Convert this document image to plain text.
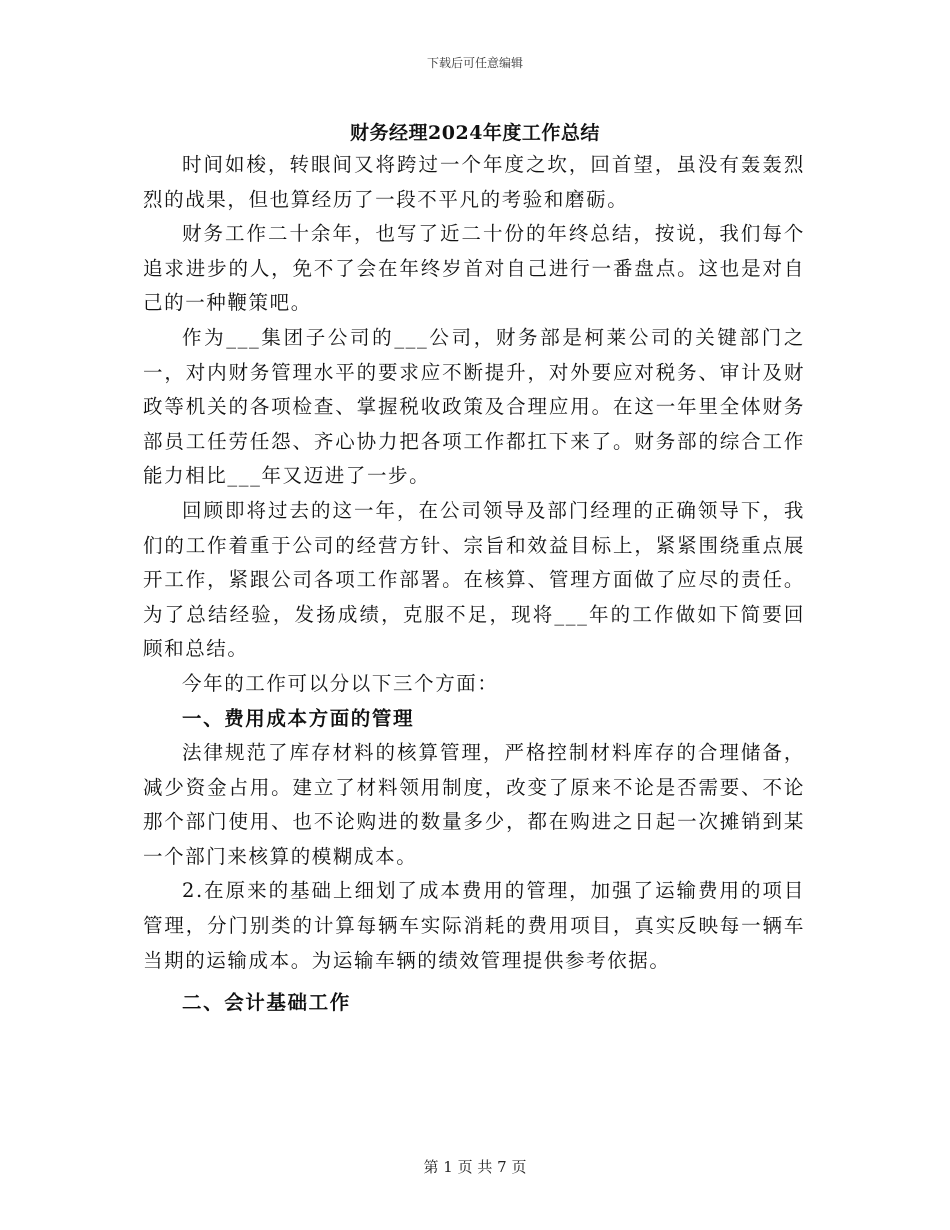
下载后可任意编辑
财务经理2024年度工作总结

时间如梭，转眼间又将跨过一个年度之坎，回首望，虽没有轰轰烈烈的战果，但也算经历了一段不平凡的考验和磨砺。

财务工作二十余年，也写了近二十份的年终总结，按说，我们每个追求进步的人，免不了会在年终岁首对自己进行一番盘点。这也是对自己的一种鞭策吧。

作为___集团子公司的___公司，财务部是柯莱公司的关键部门之一，对内财务管理水平的要求应不断提升，对外要应对税务、审计及财政等机关的各项检查、掌握税收政策及合理应用。在这一年里全体财务部员工任劳任怨、齐心协力把各项工作都扛下来了。财务部的综合工作能力相比___年又迈进了一步。

回顾即将过去的这一年，在公司领导及部门经理的正确领导下，我们的工作着重于公司的经营方针、宗旨和效益目标上，紧紧围绕重点展开工作，紧跟公司各项工作部署。在核算、管理方面做了应尽的责任。为了总结经验，发扬成绩，克服不足，现将___年的工作做如下简要回顾和总结。

今年的工作可以分以下三个方面：

一、费用成本方面的管理

法律规范了库存材料的核算管理，严格控制材料库存的合理储备，减少资金占用。建立了材料领用制度，改变了原来不论是否需要、不论那个部门使用、也不论购进的数量多少，都在购进之日起一次摊销到某一个部门来核算的模糊成本。

2.在原来的基础上细划了成本费用的管理，加强了运输费用的项目管理，分门别类的计算每辆车实际消耗的费用项目，真实反映每一辆车当期的运输成本。为运输车辆的绩效管理提供参考依据。

二、会计基础工作

第 1 页 共 7 页
